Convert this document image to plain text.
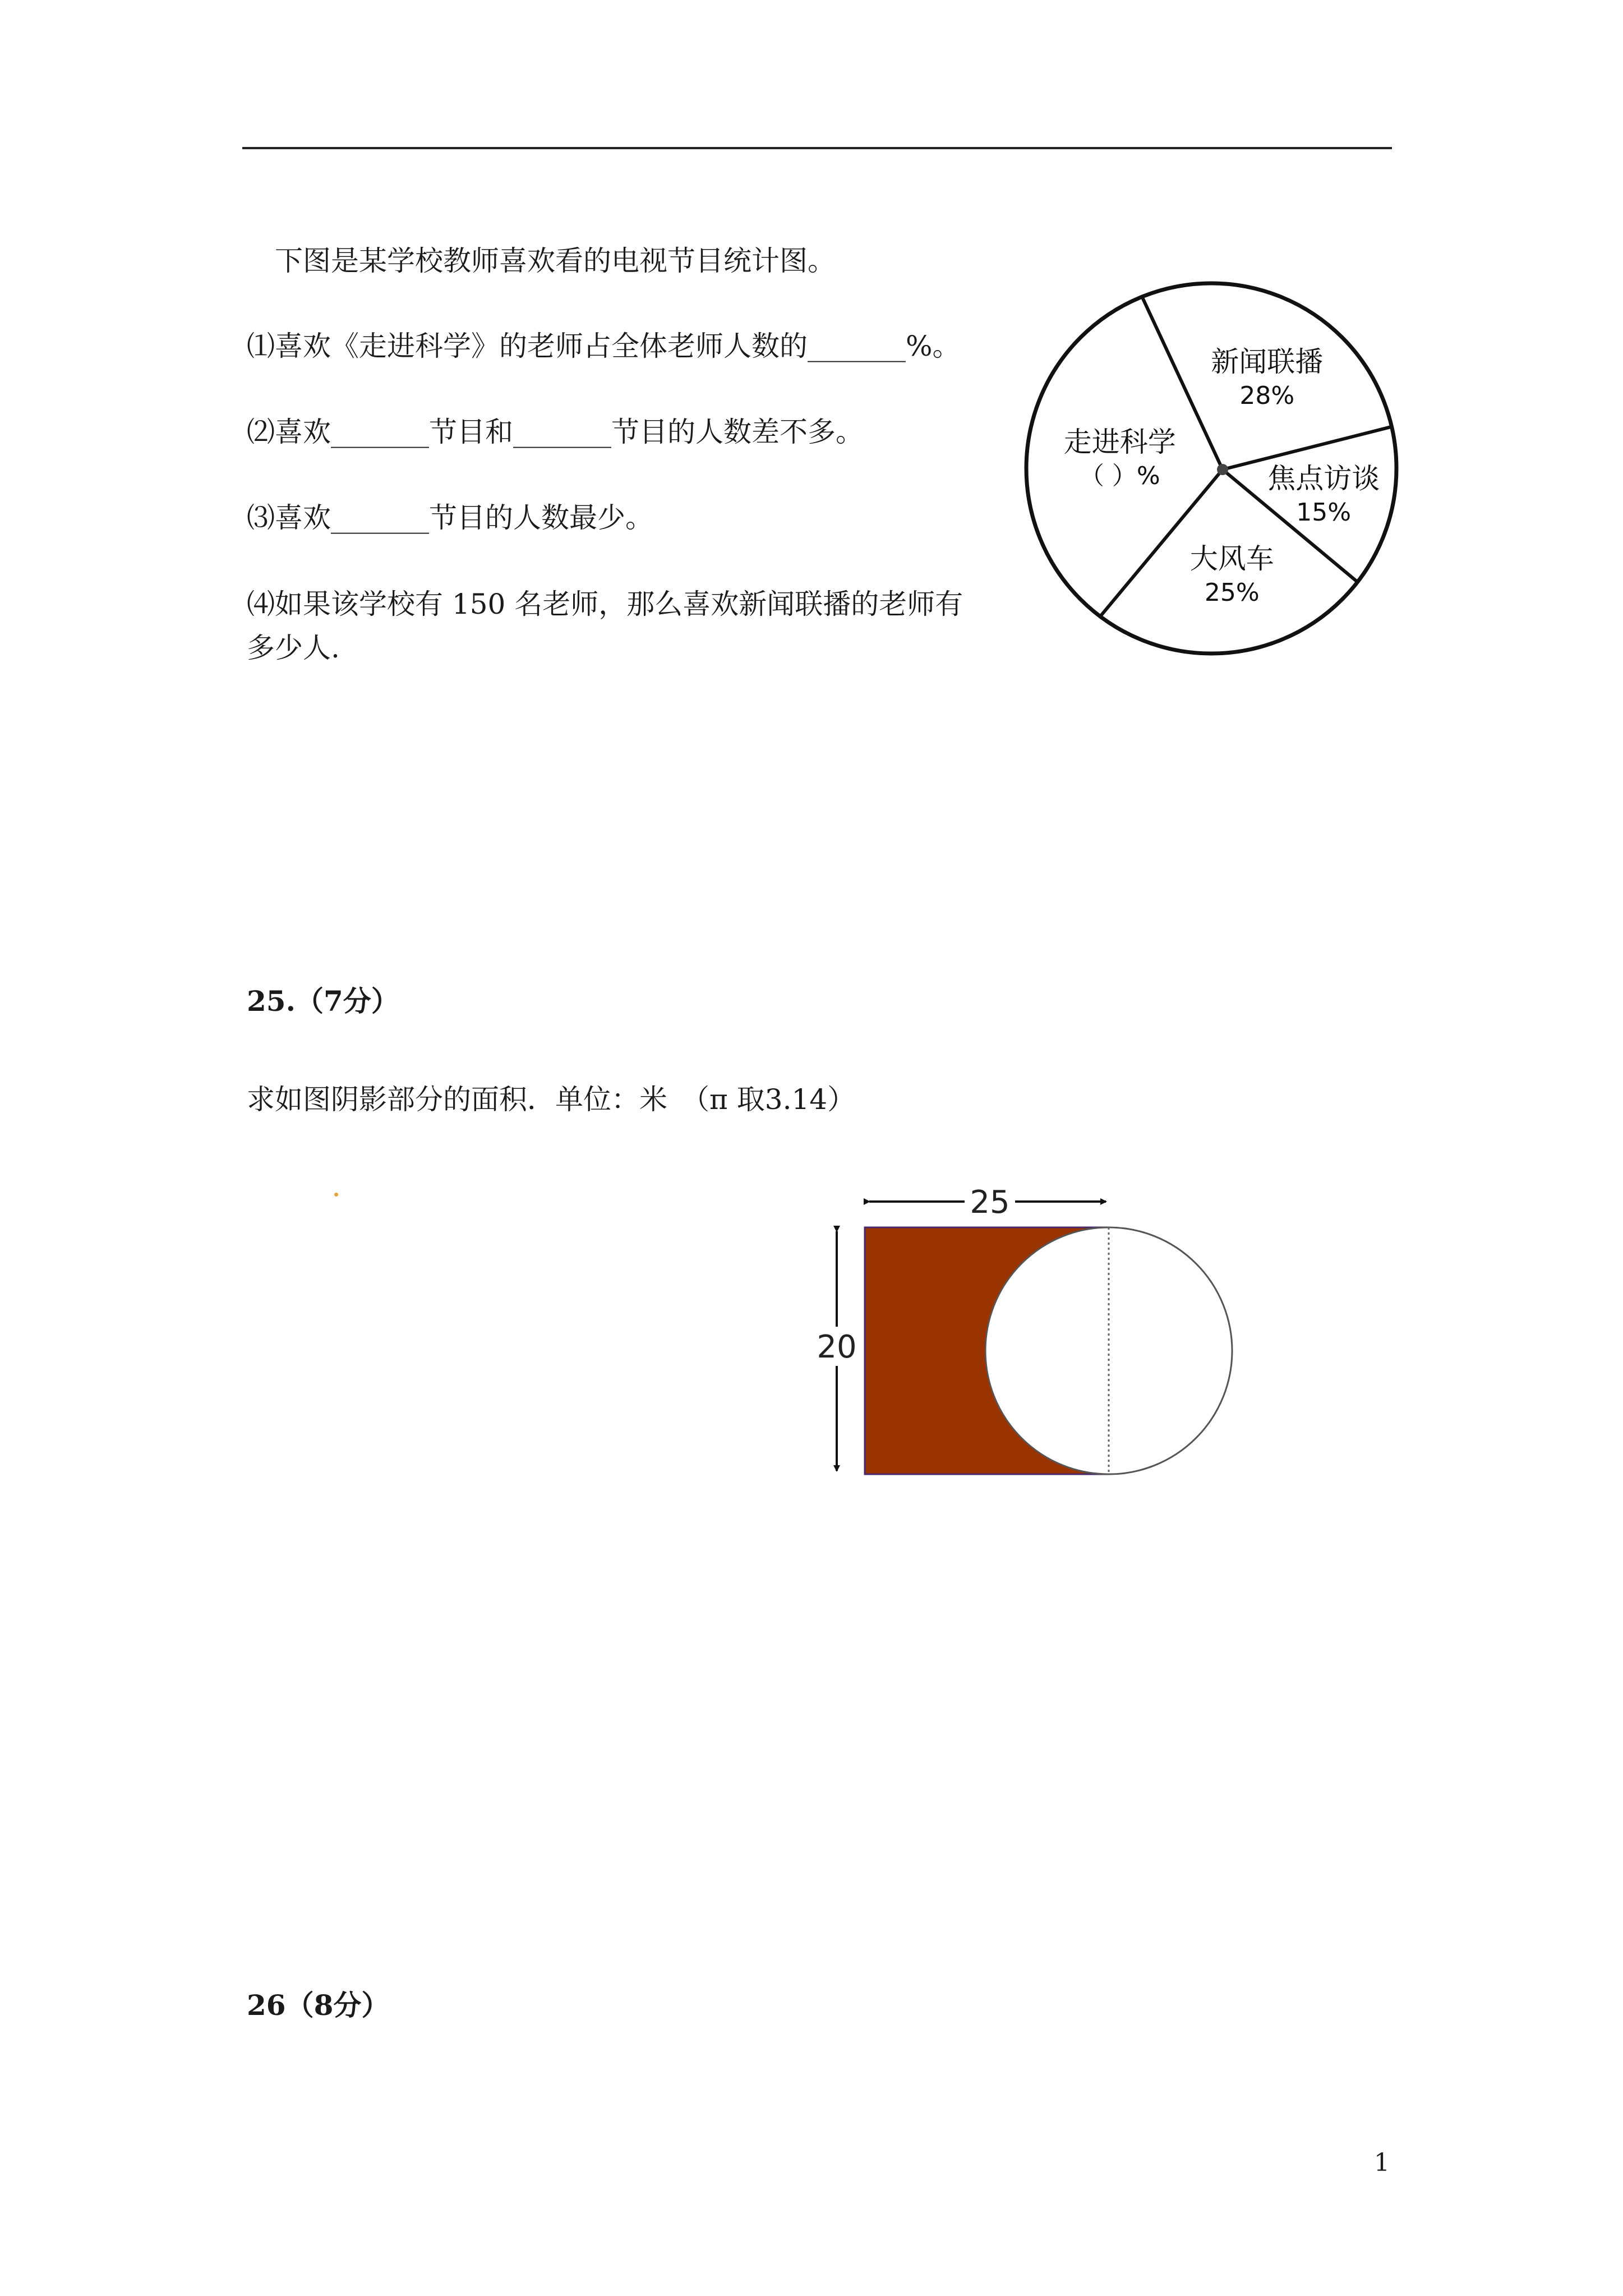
下图是某学校教师喜欢看的电视节目统计图。
⑴喜欢《走进科学》的老师占全体老师人数的_______%。
⑵喜欢_______节目和_______节目的人数差不多。
⑶喜欢_______节目的人数最少。
⑷如果该学校有 150 名老师，那么喜欢新闻联播的老师有
多少人.
新闻联播
28%
焦点访谈
15%
大风车
25%
走进科学
（ ）%
25.（7分）
求如图阴影部分的面积．单位：米　（π 取3.14）
25
20
26（8分）
1
